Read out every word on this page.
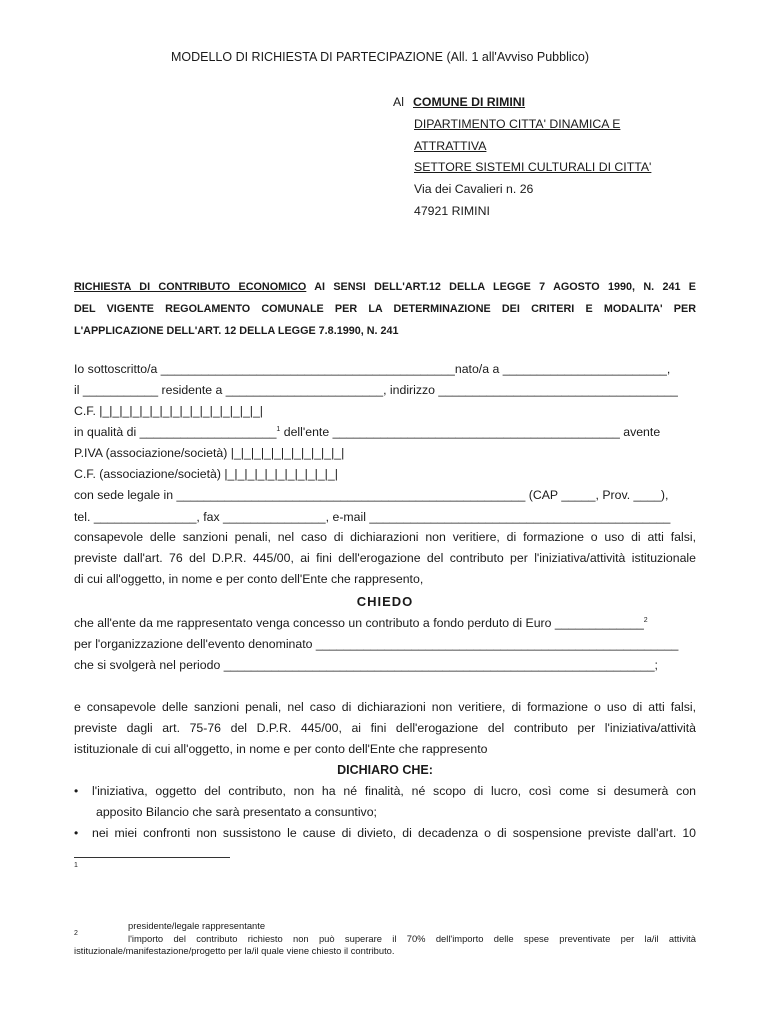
MODELLO DI RICHIESTA DI PARTECIPAZIONE (All. 1 all'Avviso Pubblico)
Al COMUNE DI RIMINI
DIPARTIMENTO CITTA' DINAMICA E
ATTRATTIVA
SETTORE SISTEMI CULTURALI DI CITTA'
Via dei Cavalieri n. 26
47921 RIMINI
RICHIESTA DI CONTRIBUTO ECONOMICO AI SENSI DELL'ART.12 DELLA LEGGE 7 AGOSTO 1990, N. 241 E
DEL VIGENTE REGOLAMENTO COMUNALE PER LA DETERMINAZIONE DEI CRITERI E MODALITA' PER
L'APPLICAZIONE DELL'ART. 12 DELLA LEGGE 7.8.1990, N. 241
Io sottoscritto/a ___________________________________________nato/a a ________________________,
il ___________ residente a _______________________, indirizzo ___________________________________
C.F. |_|_|_|_|_|_|_|_|_|_|_|_|_|_|_|_|
in qualità di ____________________$^1$ dell'ente __________________________________________ avente
P.IVA (associazione/società) |_|_|_|_|_|_|_|_|_|_|_|
C.F. (associazione/società) |_|_|_|_|_|_|_|_|_|_|_|
con sede legale in ___________________________________________________ (CAP _____, Prov. ____),
tel. _______________, fax _______________, e-mail ____________________________________________
consapevole delle sanzioni penali, nel caso di dichiarazioni non veritiere, di formazione o uso di atti falsi,
previste dall'art. 76 del D.P.R. 445/00, ai fini dell'erogazione del contributo per l'iniziativa/attività istituzionale
di cui all'oggetto, in nome e per conto dell'Ente che rappresento,
CHIEDO
che all'ente da me rappresentato venga concesso un contributo a fondo perduto di Euro _____________$^2$
per l'organizzazione dell'evento denominato _____________________________________________________
che si svolgerà nel periodo _______________________________________________________________;
e consapevole delle sanzioni penali, nel caso di dichiarazioni non veritiere, di formazione o uso di atti falsi,
previste dagli art. 75-76 del D.P.R. 445/00, ai fini dell'erogazione del contributo per l'iniziativa/attività
istituzionale di cui all'oggetto, in nome e per conto dell'Ente che rappresento
DICHIARO CHE:
• l'iniziativa, oggetto del contributo, non ha né finalità, né scopo di lucro, così come si desumerà con
apposito Bilancio che sarà presentato a consuntivo;
• nei miei confronti non sussistono le cause di divieto, di decadenza o di sospensione previste dall'art. 10
1
presidente/legale rappresentante
2	l'importo del contributo richiesto non può superare il 70% dell'importo delle spese preventivate per la/il attività
istituzionale/manifestazione/progetto per la/il quale viene chiesto il contributo.
